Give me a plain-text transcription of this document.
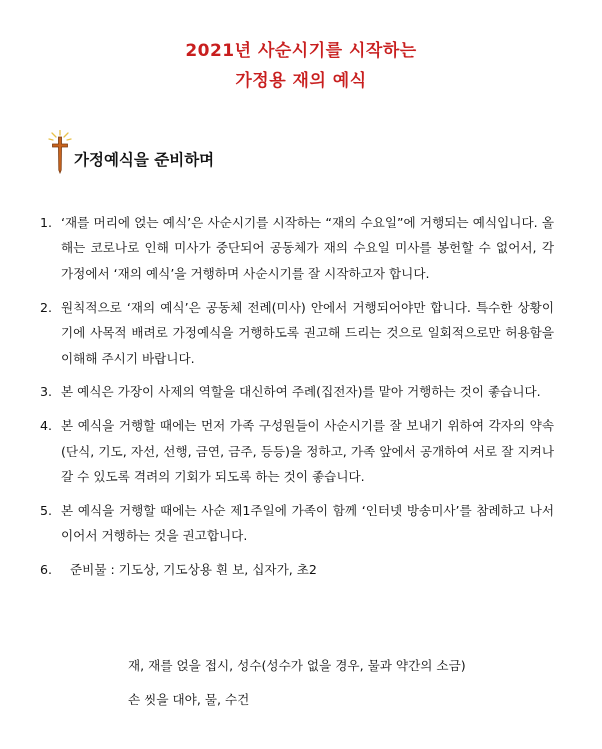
2021년 사순시기를 시작하는
가정용 재의 예식
가정예식을 준비하며
1. ‘재를 머리에 얹는 예식’은 사순시기를 시작하는 “재의 수요일”에 거행되는 예식입니다. 올해는 코로나로 인해 미사가 중단되어 공동체가 재의 수요일 미사를 봉헌할 수 없어서, 각 가정에서 ‘재의 예식’을 거행하며 사순시기를 잘 시작하고자 합니다.
2. 원칙적으로 ‘재의 예식’은 공동체 전례(미사) 안에서 거행되어야만 합니다. 특수한 상황이기에 사목적 배려로 가정예식을 거행하도록 권고해 드리는 것으로 일회적으로만 허용함을 이해해 주시기 바랍니다.
3. 본 예식은 가장이 사제의 역할을 대신하여 주례(집전자)를 맡아 거행하는 것이 좋습니다.
4. 본 예식을 거행할 때에는 먼저 가족 구성원들이 사순시기를 잘 보내기 위하여 각자의 약속(단식, 기도, 자선, 선행, 금연, 금주, 등등)을 정하고, 가족 앞에서 공개하여 서로 잘 지켜나갈 수 있도록 격려의 기회가 되도록 하는 것이 좋습니다.
5. 본 예식을 거행할 때에는 사순 제1주일에 가족이 함께 ‘인터넷 방송미사’를 참례하고 나서 이어서 거행하는 것을 권고합니다.
6.	준비물 : 기도상, 기도상용 흰 보, 십자가, 초2
재, 재를 얹을 접시, 성수(성수가 없을 경우, 물과 약간의 소금)
손 씻을 대야, 물, 수건
